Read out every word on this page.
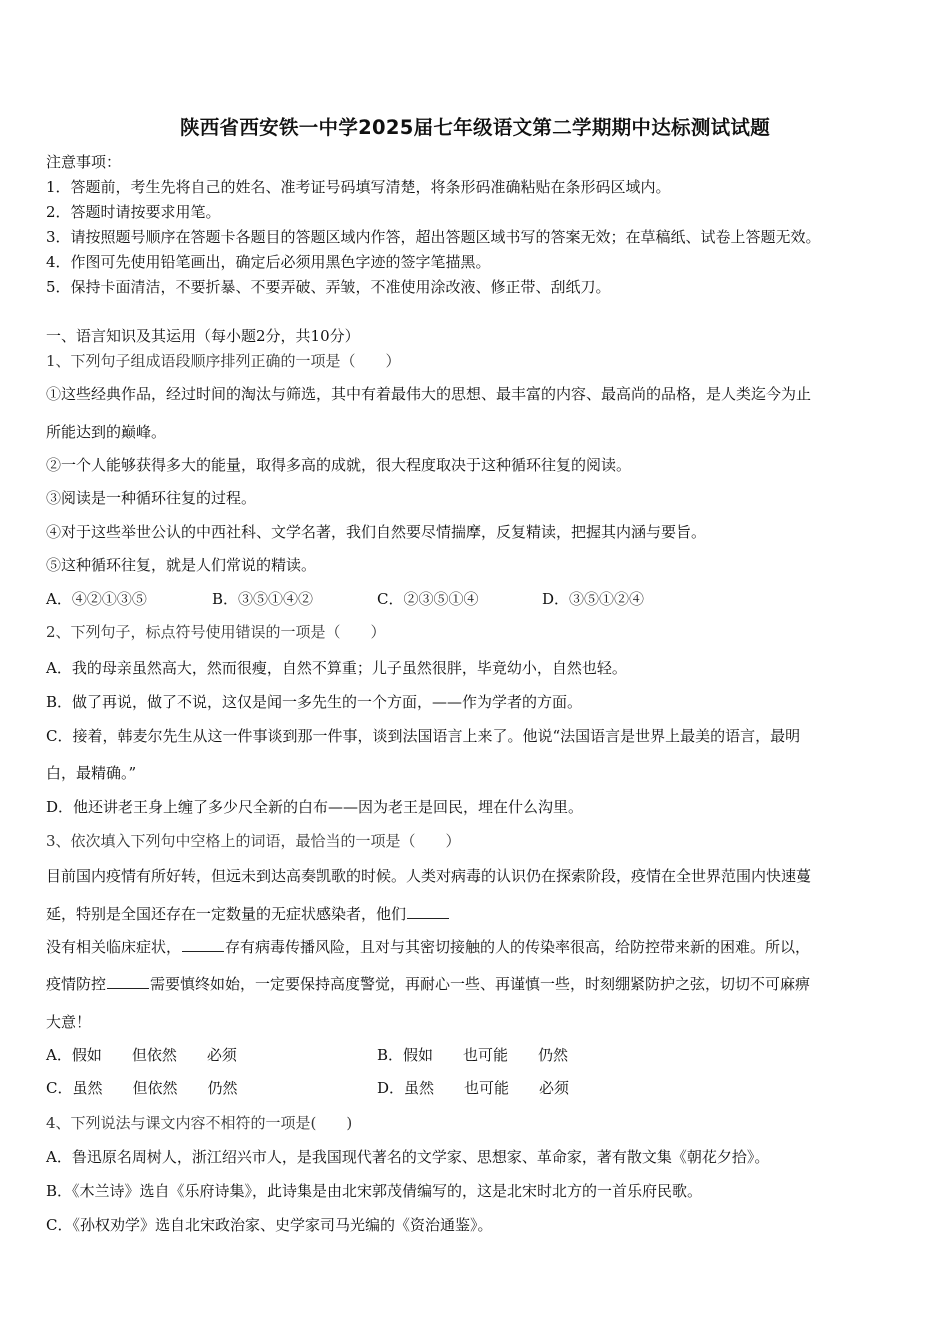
陕西省西安铁一中学2025届七年级语文第二学期期中达标测试试题
注意事项：
1．答题前，考生先将自己的姓名、准考证号码填写清楚，将条形码准确粘贴在条形码区域内。
2．答题时请按要求用笔。
3．请按照题号顺序在答题卡各题目的答题区域内作答，超出答题区域书写的答案无效；在草稿纸、试卷上答题无效。
4．作图可先使用铅笔画出，确定后必须用黑色字迹的签字笔描黑。
5．保持卡面清洁，不要折暴、不要弄破、弄皱，不准使用涂改液、修正带、刮纸刀。
一、语言知识及其运用（每小题2分，共10分）
1、下列句子组成语段顺序排列正确的一项是（　　）
①这些经典作品，经过时间的淘汰与筛选，其中有着最伟大的思想、最丰富的内容、最高尚的品格，是人类迄今为止
所能达到的巅峰。
②一个人能够获得多大的能量，取得多高的成就，很大程度取决于这种循环往复的阅读。
③阅读是一种循环往复的过程。
④对于这些举世公认的中西社科、文学名著，我们自然要尽情揣摩，反复精读，把握其内涵与要旨。
⑤这种循环往复，就是人们常说的精读。
A．④②①③⑤	B．③⑤①④②	C．②③⑤①④	D．③⑤①②④
2、下列句子，标点符号使用错误的一项是（　　）
A．我的母亲虽然高大，然而很瘦，自然不算重；儿子虽然很胖，毕竟幼小，自然也轻。
B．做了再说，做了不说，这仅是闻一多先生的一个方面，——作为学者的方面。
C．接着，韩麦尔先生从这一件事谈到那一件事，谈到法国语言上来了。他说“法国语言是世界上最美的语言，最明
白，最精确。”
D．他还讲老王身上缠了多少尺全新的白布——因为老王是回民，埋在什么沟里。
3、依次填入下列句中空格上的词语，最恰当的一项是（　　）
目前国内疫情有所好转，但远未到达高奏凯歌的时候。人类对病毒的认识仍在探索阶段，疫情在全世界范围内快速蔓
延，特别是全国还存在一定数量的无症状感染者，他们
没有相关临床症状，	存有病毒传播风险，且对与其密切接触的人的传染率很高，给防控带来新的困难。所以，
疫情防控	需要慎终如始，一定要保持高度警觉，再耐心一些、再谨慎一些，时刻绷紧防护之弦，切切不可麻痹
大意！
A．假如　　但依然　　必须	B．假如　　也可能　　仍然
C．虽然　　但依然　　仍然	D．虽然　　也可能　　必须
4、下列说法与课文内容不相符的一项是(　　)
A．鲁迅原名周树人，浙江绍兴市人，是我国现代著名的文学家、思想家、革命家，著有散文集《朝花夕拾》。
B．《木兰诗》选自《乐府诗集》，此诗集是由北宋郭茂倩编写的，这是北宋时北方的一首乐府民歌。
C．《孙权劝学》选自北宋政治家、史学家司马光编的《资治通鉴》。
